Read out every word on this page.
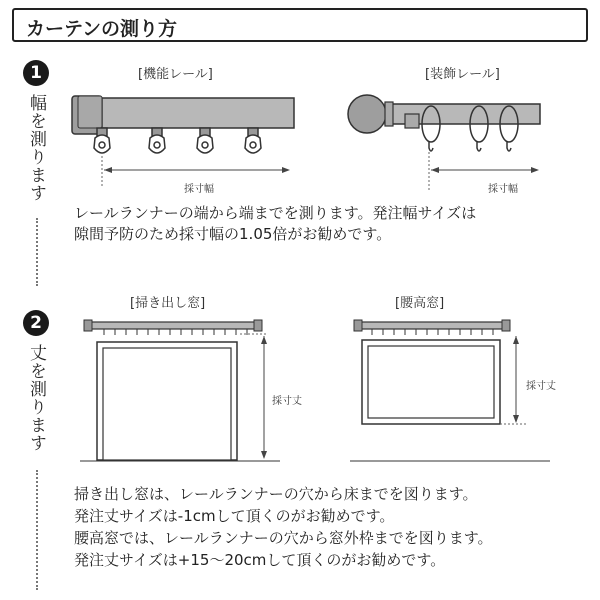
カーテンの測り方
1
幅を測ります
2
丈を測ります
[機能レール]	[装飾レール]
採寸幅	採寸幅
レールランナーの端から端までを測ります。発注幅サイズは
隙間予防のため採寸幅の1.05倍がお勧めです。
[掃き出し窓]	[腰高窓]
採寸丈
採寸丈
掃き出し窓は、レールランナーの穴から床までを図ります。
発注丈サイズは-1cmして頂くのがお勧めです。
腰高窓では、レールランナーの穴から窓外枠までを図ります。
発注丈サイズは+15〜20cmして頂くのがお勧めです。
